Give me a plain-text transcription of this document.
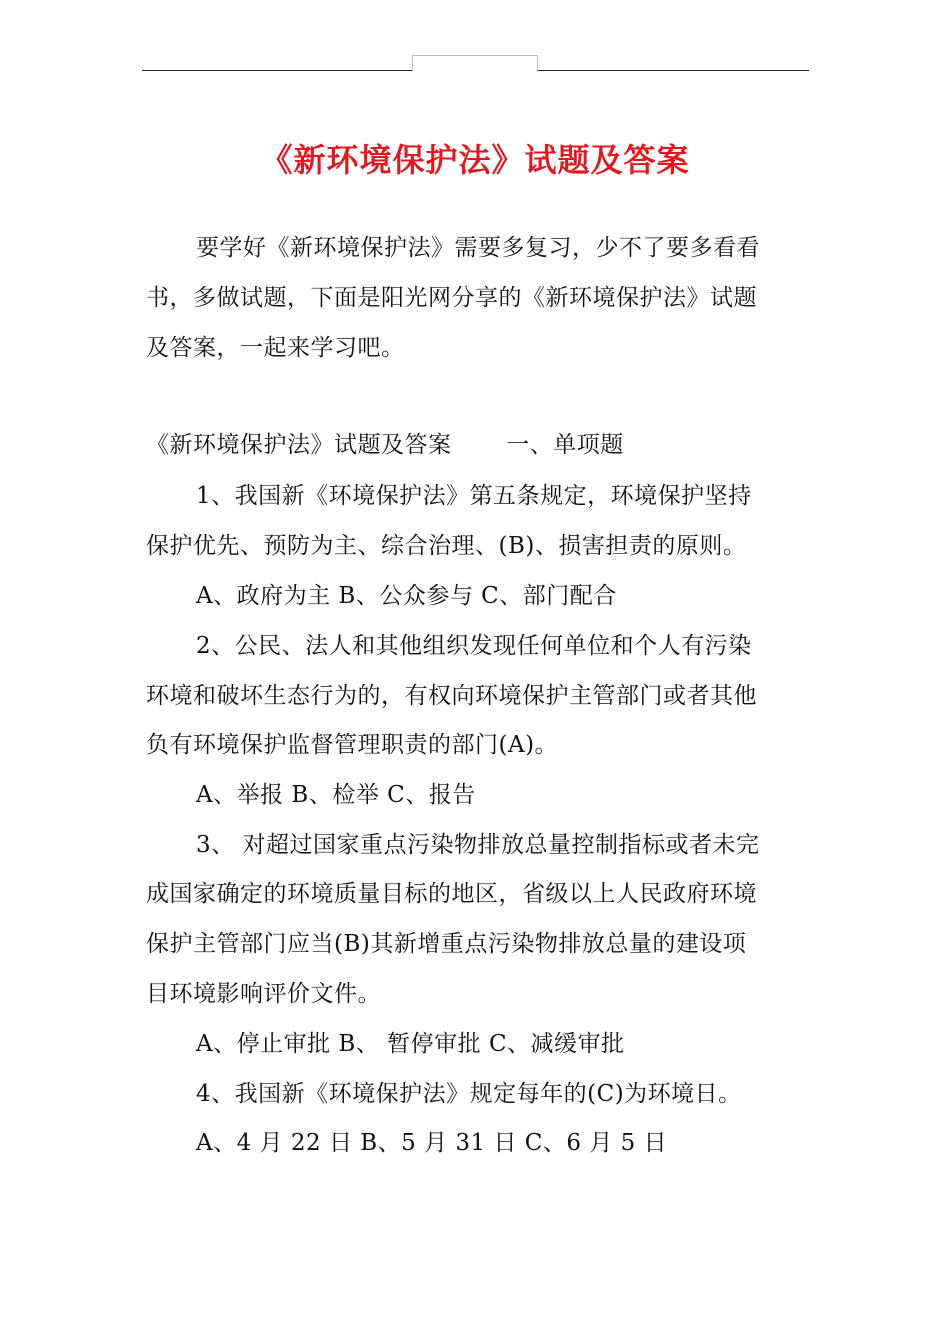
《新环境保护法》试题及答案
要学好《新环境保护法》需要多复习，少不了要多看看
书，多做试题，下面是阳光网分享的《新环境保护法》试题
及答案，一起来学习吧。
《新环境保护法》试题及答案　　 一、单项题
1、我国新《环境保护法》第五条规定，环境保护坚持
保护优先、预防为主、综合治理、(B)、损害担责的原则。
A、政府为主 B、公众参与 C、部门配合
2、公民、法人和其他组织发现任何单位和个人有污染
环境和破坏生态行为的，有权向环境保护主管部门或者其他
负有环境保护监督管理职责的部门(A)。
A、举报 B、检举 C、报告
3、 对超过国家重点污染物排放总量控制指标或者未完
成国家确定的环境质量目标的地区，省级以上人民政府环境
保护主管部门应当(B)其新增重点污染物排放总量的建设项
目环境影响评价文件。
A、停止审批 B、 暂停审批 C、减缓审批
4、我国新《环境保护法》规定每年的(C)为环境日。
A、4 月 22 日 B、5 月 31 日 C、6 月 5 日
